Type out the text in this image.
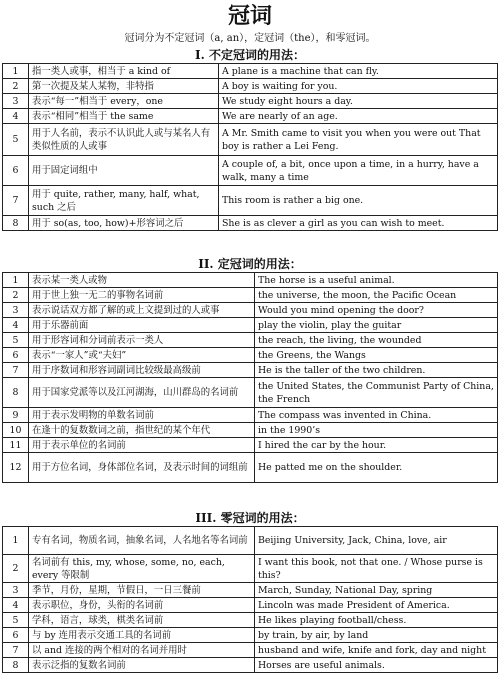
冠词
冠词分为不定冠词（a, an），定冠词（the），和零冠词。
I. 不定冠词的用法：
1	指一类人或事，相当于 a kind of	A plane is a machine that can fly.
2	第一次提及某人某物，非特指	A boy is waiting for you.
3	表示“每一”相当于 every，one	We study eight hours a day.
4	表示“相同”相当于 the same	We are nearly of an age.
5	用于人名前，表示不认识此人或与某名人有类似性质的人或事	A Mr. Smith came to visit you when you were out That boy is rather a Lei Feng.
6	用于固定词组中	A couple of, a bit, once upon a time, in a hurry, have a walk, many a time
7	用于 quite, rather, many, half, what, such 之后	This room is rather a big one.
8	用于 so(as, too, how)+形容词之后	She is as clever a girl as you can wish to meet.
II. 定冠词的用法：
1	表示某一类人或物	The horse is a useful animal.
2	用于世上独一无二的事物名词前	the universe, the moon, the Pacific Ocean
3	表示说话双方都了解的或上文提到过的人或事	Would you mind opening the door?
4	用于乐器前面	play the violin, play the guitar
5	用于形容词和分词前表示一类人	the reach, the living, the wounded
6	表示“一家人”或“夫妇”	the Greens, the Wangs
7	用于序数词和形容词副词比较级最高级前	He is the taller of the two children.
8	用于国家党派等以及江河湖海，山川群岛的名词前	the United States, the Communist Party of China, the French
9	用于表示发明物的单数名词前	The compass was invented in China.
10	在逢十的复数数词之前，指世纪的某个年代	in the 1990’s
11	用于表示单位的名词前	I hired the car by the hour.
12	用于方位名词，身体部位名词，及表示时间的词组前	He patted me on the shoulder.
III. 零冠词的用法：
1	专有名词，物质名词，抽象名词，人名地名等名词前	Beijing University, Jack, China, love, air
2	名词前有 this, my, whose, some, no, each, every 等限制	I want this book, not that one. / Whose purse is this?
3	季节，月份，星期，节假日，一日三餐前	March, Sunday, National Day, spring
4	表示职位，身份，头衔的名词前	Lincoln was made President of America.
5	学科，语言，球类，棋类名词前	He likes playing football/chess.
6	与 by 连用表示交通工具的名词前	by train, by air, by land
7	以 and 连接的两个相对的名词并用时	husband and wife, knife and fork, day and night
8	表示泛指的复数名词前	Horses are useful animals.
